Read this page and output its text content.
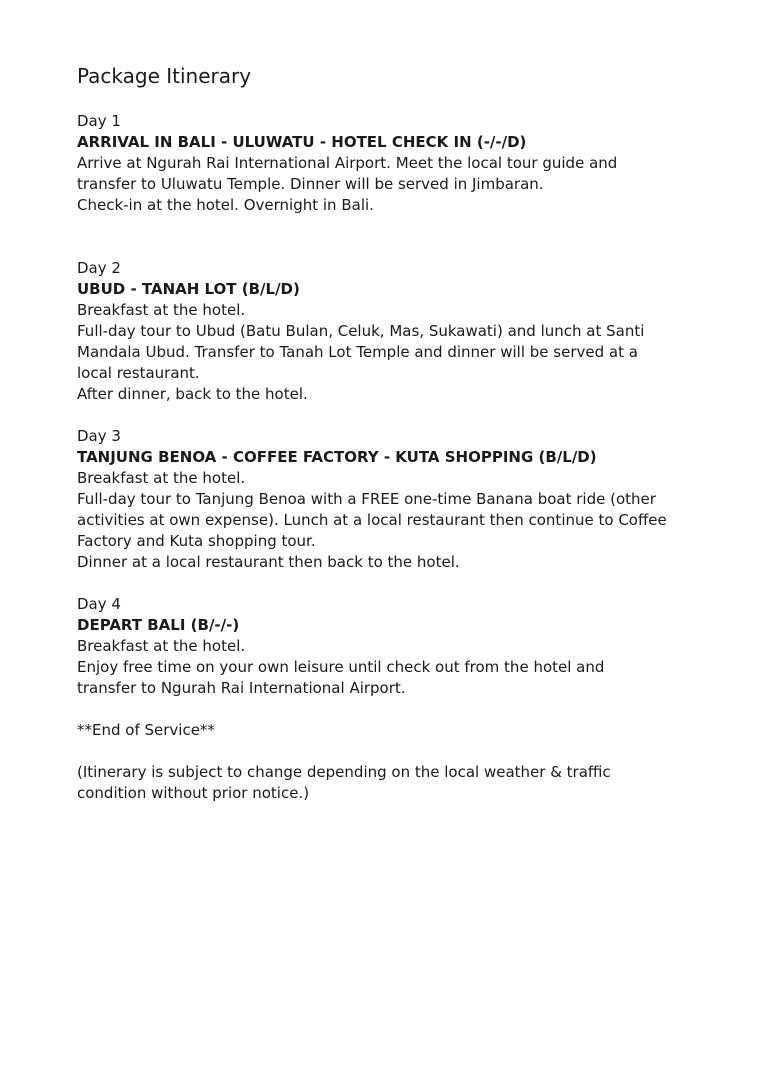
Package Itinerary
Day 1
ARRIVAL IN BALI - ULUWATU - HOTEL CHECK IN (-/-/D)
Arrive at Ngurah Rai International Airport. Meet the local tour guide and
transfer to Uluwatu Temple. Dinner will be served in Jimbaran.
Check-in at the hotel. Overnight in Bali.
Day 2
UBUD - TANAH LOT (B/L/D)
Breakfast at the hotel.
Full-day tour to Ubud (Batu Bulan, Celuk, Mas, Sukawati) and lunch at Santi
Mandala Ubud. Transfer to Tanah Lot Temple and dinner will be served at a
local restaurant.
After dinner, back to the hotel.
Day 3
TANJUNG BENOA - COFFEE FACTORY - KUTA SHOPPING (B/L/D)
Breakfast at the hotel.
Full-day tour to Tanjung Benoa with a FREE one-time Banana boat ride (other
activities at own expense). Lunch at a local restaurant then continue to Coffee
Factory and Kuta shopping tour.
Dinner at a local restaurant then back to the hotel.
Day 4
DEPART BALI (B/-/-)
Breakfast at the hotel.
Enjoy free time on your own leisure until check out from the hotel and
transfer to Ngurah Rai International Airport.

**End of Service**

(Itinerary is subject to change depending on the local weather & traffic
condition without prior notice.)
